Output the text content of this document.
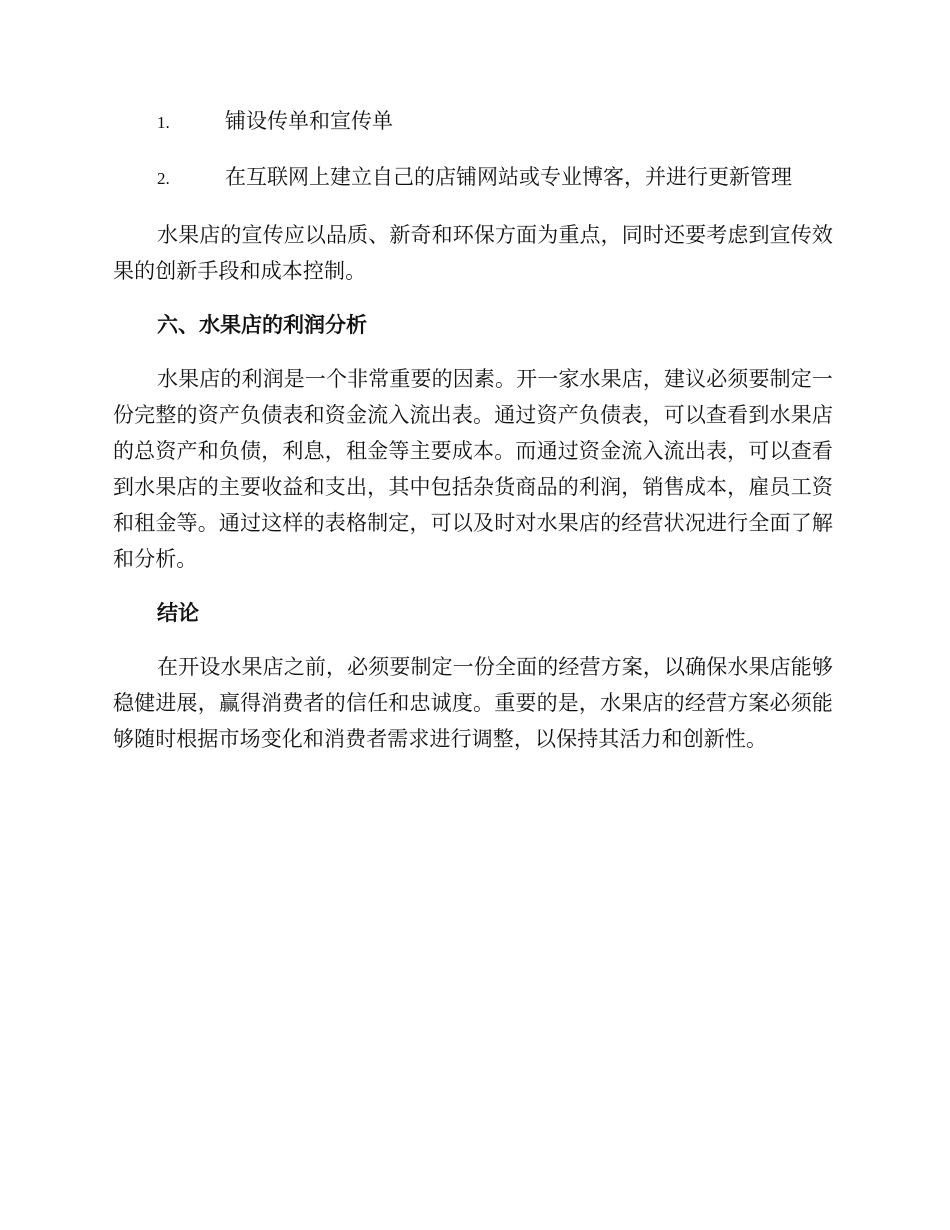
1.	铺设传单和宣传单
2.	在互联网上建立自己的店铺网站或专业博客，并进行更新管理

水果店的宣传应以品质、新奇和环保方面为重点，同时还要考虑到宣传效果的创新手段和成本控制。

六、水果店的利润分析

水果店的利润是一个非常重要的因素。开一家水果店，建议必须要制定一份完整的资产负债表和资金流入流出表。通过资产负债表，可以查看到水果店的总资产和负债，利息，租金等主要成本。而通过资金流入流出表，可以查看到水果店的主要收益和支出，其中包括杂货商品的利润，销售成本，雇员工资和租金等。通过这样的表格制定，可以及时对水果店的经营状况进行全面了解和分析。

结论

在开设水果店之前，必须要制定一份全面的经营方案，以确保水果店能够稳健进展，赢得消费者的信任和忠诚度。重要的是，水果店的经营方案必须能够随时根据市场变化和消费者需求进行调整，以保持其活力和创新性。
